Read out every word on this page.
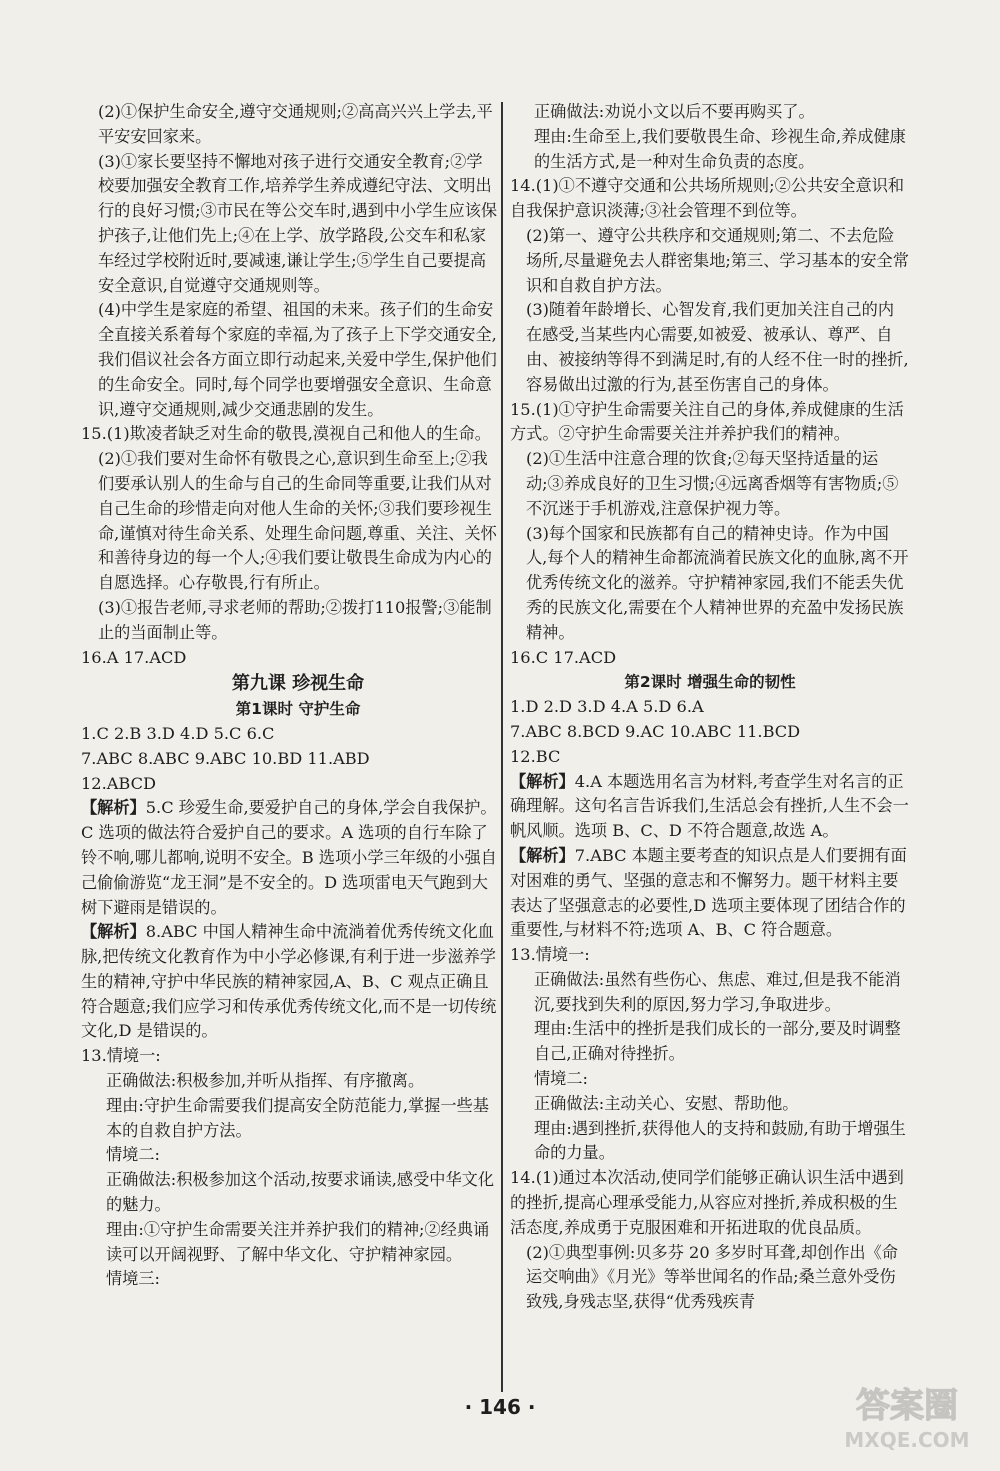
(2)①保护生命安全,遵守交通规则;②高高兴兴上学去,平平安安回家来。
(3)①家长要坚持不懈地对孩子进行交通安全教育;②学校要加强安全教育工作,培养学生养成遵纪守法、文明出行的良好习惯;③市民在等公交车时,遇到中小学生应该保护孩子,让他们先上;④在上学、放学路段,公交车和私家车经过学校附近时,要减速,谦让学生;⑤学生自己要提高安全意识,自觉遵守交通规则等。
(4)中学生是家庭的希望、祖国的未来。孩子们的生命安全直接关系着每个家庭的幸福,为了孩子上下学交通安全,我们倡议社会各方面立即行动起来,关爱中学生,保护他们的生命安全。同时,每个同学也要增强安全意识、生命意识,遵守交通规则,减少交通悲剧的发生。
15.(1)欺凌者缺乏对生命的敬畏,漠视自己和他人的生命。
(2)①我们要对生命怀有敬畏之心,意识到生命至上;②我们要承认别人的生命与自己的生命同等重要,让我们从对自己生命的珍惜走向对他人生命的关怀;③我们要珍视生命,谨慎对待生命关系、处理生命问题,尊重、关注、关怀和善待身边的每一个人;④我们要让敬畏生命成为内心的自愿选择。心存敬畏,行有所止。
(3)①报告老师,寻求老师的帮助;②拨打110报警;③能制止的当面制止等。
16.A 17.ACD
第九课 珍视生命
第1课时 守护生命
1.C 2.B 3.D 4.D 5.C 6.C
7.ABC 8.ABC 9.ABC 10.BD 11.ABD
12.ABCD
【解析】5.C 珍爱生命,要爱护自己的身体,学会自我保护。C 选项的做法符合爱护自己的要求。A 选项的自行车除了铃不响,哪儿都响,说明不安全。B 选项小学三年级的小强自己偷偷游览“龙王洞”是不安全的。D 选项雷电天气跑到大树下避雨是错误的。
【解析】8.ABC 中国人精神生命中流淌着优秀传统文化血脉,把传统文化教育作为中小学必修课,有利于进一步滋养学生的精神,守护中华民族的精神家园,A、B、C 观点正确且符合题意;我们应学习和传承优秀传统文化,而不是一切传统文化,D 是错误的。
13.情境一:
正确做法:积极参加,并听从指挥、有序撤离。
理由:守护生命需要我们提高安全防范能力,掌握一些基本的自救自护方法。
情境二:
正确做法:积极参加这个活动,按要求诵读,感受中华文化的魅力。
理由:①守护生命需要关注并养护我们的精神;②经典诵读可以开阔视野、了解中华文化、守护精神家园。
情境三:
正确做法:劝说小文以后不要再购买了。
理由:生命至上,我们要敬畏生命、珍视生命,养成健康的生活方式,是一种对生命负责的态度。
14.(1)①不遵守交通和公共场所规则;②公共安全意识和自我保护意识淡薄;③社会管理不到位等。
(2)第一、遵守公共秩序和交通规则;第二、不去危险场所,尽量避免去人群密集地;第三、学习基本的安全常识和自救自护方法。
(3)随着年龄增长、心智发育,我们更加关注自己的内在感受,当某些内心需要,如被爱、被承认、尊严、自由、被接纳等得不到满足时,有的人经不住一时的挫折,容易做出过激的行为,甚至伤害自己的身体。
15.(1)①守护生命需要关注自己的身体,养成健康的生活方式。②守护生命需要关注并养护我们的精神。
(2)①生活中注意合理的饮食;②每天坚持适量的运动;③养成良好的卫生习惯;④远离香烟等有害物质;⑤不沉迷于手机游戏,注意保护视力等。
(3)每个国家和民族都有自己的精神史诗。作为中国人,每个人的精神生命都流淌着民族文化的血脉,离不开优秀传统文化的滋养。守护精神家园,我们不能丢失优秀的民族文化,需要在个人精神世界的充盈中发扬民族精神。
16.C 17.ACD
第2课时 增强生命的韧性
1.D 2.D 3.D 4.A 5.D 6.A
7.ABC 8.BCD 9.AC 10.ABC 11.BCD
12.BC
【解析】4.A 本题选用名言为材料,考查学生对名言的正确理解。这句名言告诉我们,生活总会有挫折,人生不会一帆风顺。选项 B、C、D 不符合题意,故选 A。
【解析】7.ABC 本题主要考查的知识点是人们要拥有面对困难的勇气、坚强的意志和不懈努力。题干材料主要表达了坚强意志的必要性,D 选项主要体现了团结合作的重要性,与材料不符;选项 A、B、C 符合题意。
13.情境一:
正确做法:虽然有些伤心、焦虑、难过,但是我不能消沉,要找到失利的原因,努力学习,争取进步。
理由:生活中的挫折是我们成长的一部分,要及时调整自己,正确对待挫折。
情境二:
正确做法:主动关心、安慰、帮助他。
理由:遇到挫折,获得他人的支持和鼓励,有助于增强生命的力量。
14.(1)通过本次活动,使同学们能够正确认识生活中遇到的挫折,提高心理承受能力,从容应对挫折,养成积极的生活态度,养成勇于克服困难和开拓进取的优良品质。
(2)①典型事例:贝多芬 20 多岁时耳聋,却创作出《命运交响曲》《月光》等举世闻名的作品;桑兰意外受伤致残,身残志坚,获得“优秀残疾青
· 146 ·	答案圈
MXQE.COM
